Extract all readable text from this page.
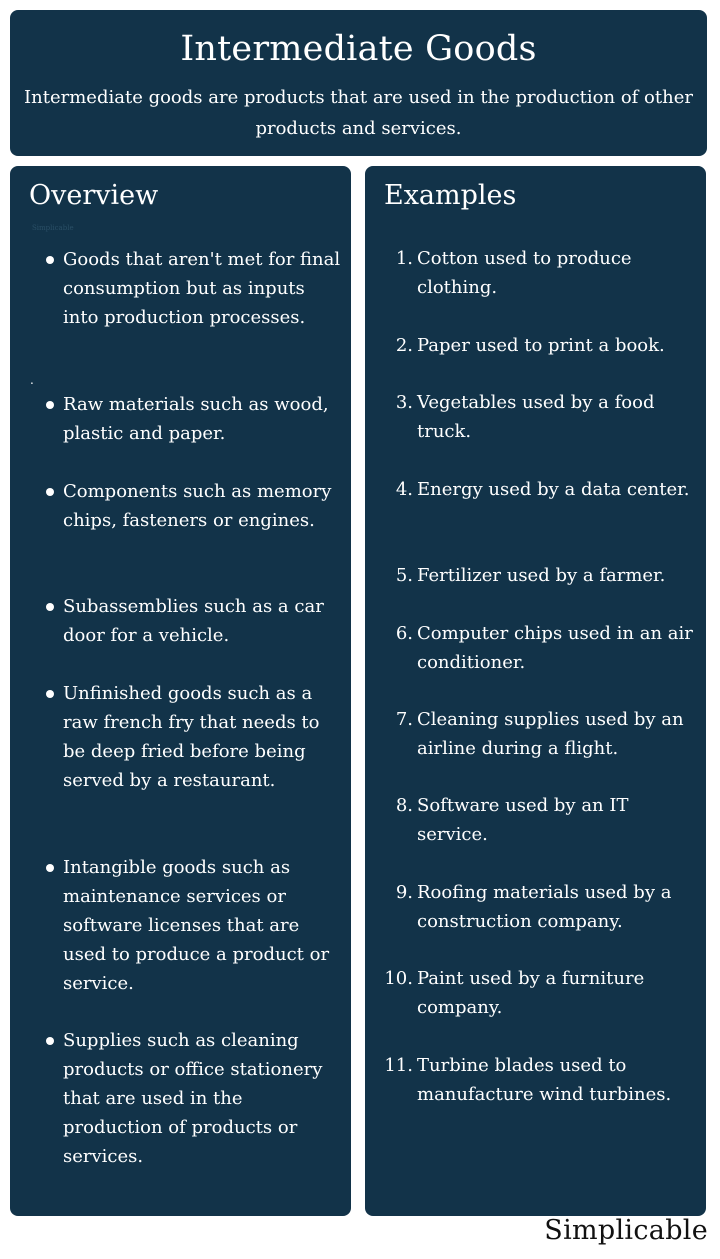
Intermediate Goods
Intermediate goods are products that are used in the production of other products and services.
Overview
Simplicable
.
Goods that aren't met for final consumption but as inputs into production processes.
Raw materials such as wood, plastic and paper.
Components such as memory chips, fasteners or engines.
Subassemblies such as a car door for a vehicle.
Unfinished goods such as a raw french fry that needs to be deep fried before being served by a restaurant.
Intangible goods such as maintenance services or software licenses that are used to produce a product or service.
Supplies such as cleaning products or office stationery that are used in the production of products or services.
Examples
1. Cotton used to produce clothing.
2. Paper used to print a book.
3. Vegetables used by a food truck.
4. Energy used by a data center.
5. Fertilizer used by a farmer.
6. Computer chips used in an air conditioner.
7. Cleaning supplies used by an airline during a flight.
8. Software used by an IT service.
9. Roofing materials used by a construction company.
10. Paint used by a furniture company.
11. Turbine blades used to manufacture wind turbines.
Simplicable
